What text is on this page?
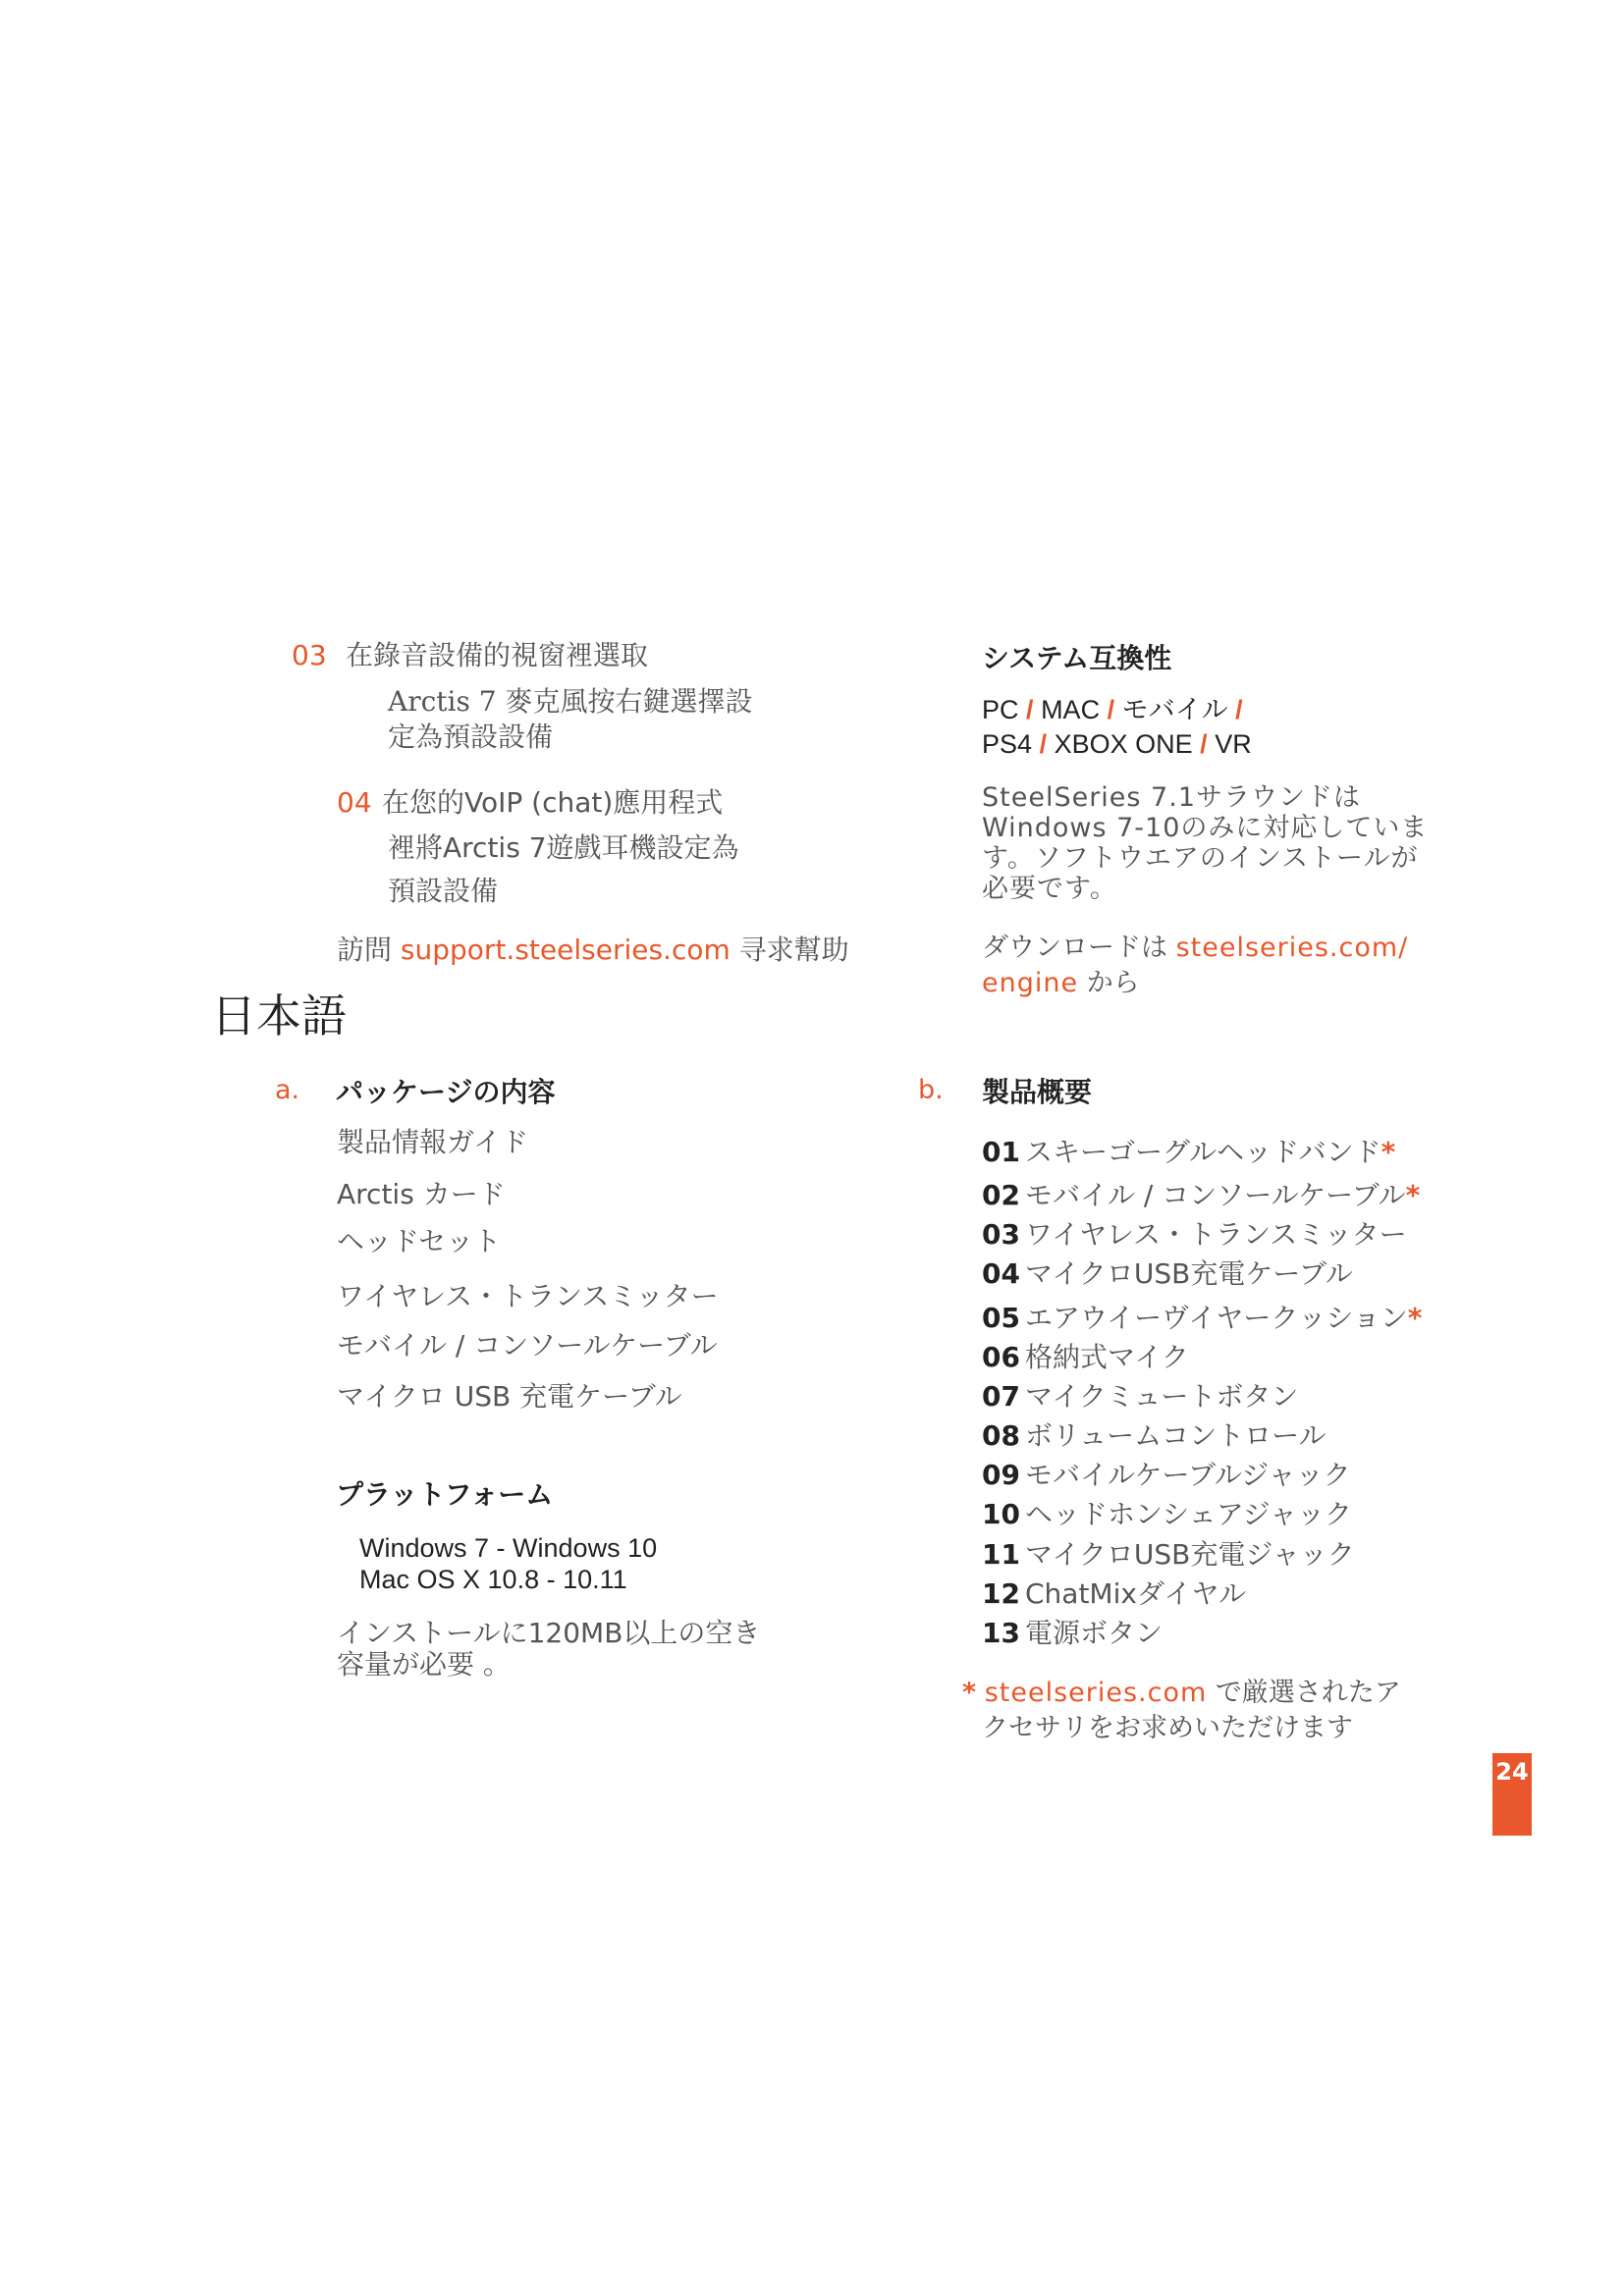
03 在錄音設備的視窗裡選取
Arctis 7 麥克風按右鍵選擇設
定為預設設備
04 在您的VoIP (chat)應用程式
裡將Arctis 7遊戲耳機設定為
預設設備
訪問 support.steelseries.com 寻求幫助
日本語
a. パッケージの内容
製品情報ガイド
Arctis カード
ヘッドセット
ワイヤレス・トランスミッター
モバイル / コンソールケーブル
マイクロ USB 充電ケーブル
プラットフォーム
Windows 7 - Windows 10
Mac OS X 10.8 - 10.11
インストールに120MB以上の空き
容量が必要 。
システム互換性
PC / MAC / モバイル /
PS4 / XBOX ONE / VR
SteelSeries 7.1サラウンドは
Windows 7-10のみに対応していま
す。ソフトウエアのインストールが
必要です。
ダウンロードは steelseries.com/
engine から
b. 製品概要
01 スキーゴーグルヘッドバンド*
02 モバイル / コンソールケーブル*
03 ワイヤレス・トランスミッター
04 マイクロUSB充電ケーブル
05 エアウイーヴイヤークッション*
06 格納式マイク
07 マイクミュートボタン
08 ボリュームコントロール
09 モバイルケーブルジャック
10 ヘッドホンシェアジャック
11 マイクロUSB充電ジャック
12 ChatMixダイヤル
13 電源ボタン
* steelseries.com で厳選されたア
クセサリをお求めいただけます
24
